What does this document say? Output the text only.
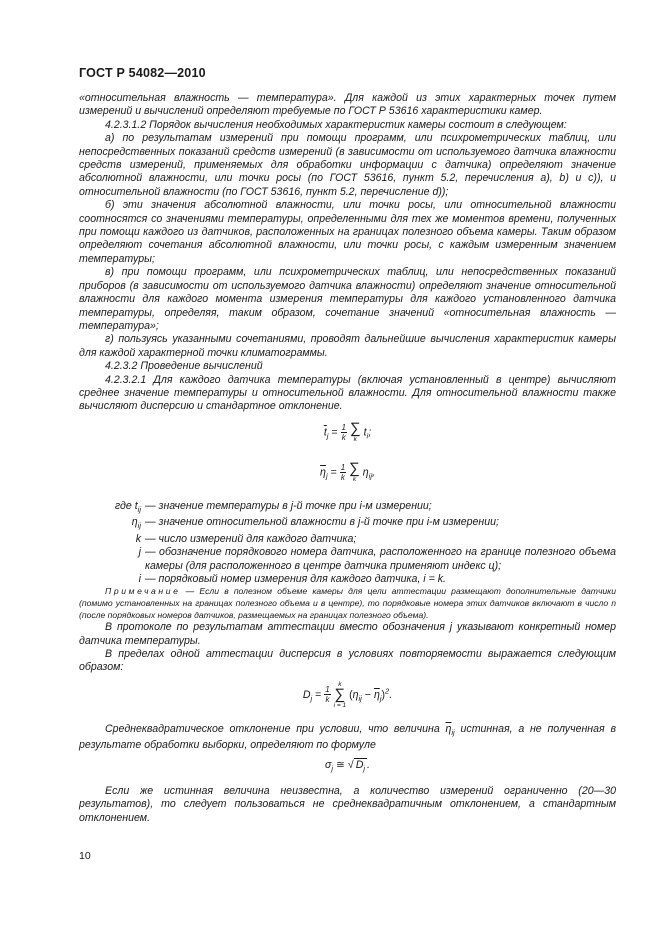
ГОСТ Р 54082—2010

«относительная влажность — температура». Для каждой из этих характерных точек путем измерений и вычислений определяют требуемые по ГОСТ Р 53616 характеристики камер.

4.2.3.1.2 Порядок вычисления необходимых характеристик камеры состоит в следующем:

а) по результатам измерений при помощи программ, или психрометрических таблиц, или непосредственных показаний средств измерений (в зависимости от используемого датчика влажности средств измерений, применяемых для обработки информации с датчика) определяют значение абсолютной влажности, или точки росы (по ГОСТ 53616, пункт 5.2, перечисления а), b) и c)), и относительной влажности (по ГОСТ 53616, пункт 5.2, перечисление d));

б) эти значения абсолютной влажности, или точки росы, или относительной влажности соотносятся со значениями температуры, определенными для тех же моментов времени, полученных при помощи каждого из датчиков, расположенных на границах полезного объема камеры. Таким образом определяют сочетания абсолютной влажности, или точки росы, с каждым измеренным значением температуры;

в) при помощи программ, или психрометрических таблиц, или непосредственных показаний приборов (в зависимости от используемого датчика влажности) определяют значение относительной влажности для каждого момента измерения температуры для каждого установленного датчика температуры, определяя, таким образом, сочетание значений «относительная влажность — температура»;

г) пользуясь указанными сочетаниями, проводят дальнейшие вычисления характеристик камеры для каждой характерной точки климатограммы.

4.2.3.2 Проведение вычислений

4.2.3.2.1 Для каждого датчика температуры (включая установленный в центре) вычисляют среднее значение температуры и относительной влажности. Для относительной влажности также вычисляют дисперсию и стандартное отклонение.

$\overline{t}_j = \frac{1}{k}$
∑
k
$t_i$;
$\overline{\eta}_j = \frac{1}{k}$
∑
k
$\eta_{ij}$,
где $t_{ij}$ — значение температуры в j-й точке при i-м измерении;
$\eta_{ij}$ — значение относительной влажности в j-й точке при i-м измерении;
k — число измерений для каждого датчика;
j — обозначение порядкового номера датчика, расположенного на границе полезного объема камеры (для расположенного в центре датчика применяют индекс ц);
i — порядковый номер измерения для каждого датчика, i = k.

Примечание — Если в полезном объеме камеры для цели аттестации размещают дополнительные датчики (помимо установленных на границах полезного объема и в центре), то порядковые номера этих датчиков включают в число n (после порядковых номеров датчиков, размещаемых на границах полезного объема).

В протоколе по результатам аттестации вместо обозначения j указывают конкретный номер датчика температуры.

В пределах одной аттестации дисперсия в условиях повторяемости выражается следующим образом:

$D_j = \frac{1}{k}$

k
∑
i = 1
$(\eta_{ij} - \overline{\eta}_j)^2$.

Среднеквадратическое отклонение при условии, что величина $\overline{\eta}_{ij}$ истинная, а не полученная в результате обработки выборки, определяют по формуле

$\sigma_j$ ≅ √ $D_j$ .

Если же истинная величина неизвестна, а количество измерений ограниченно (20—30 результатов), то следует пользоваться не среднеквадратичным отклонением, а стандартным отклонением.

10
